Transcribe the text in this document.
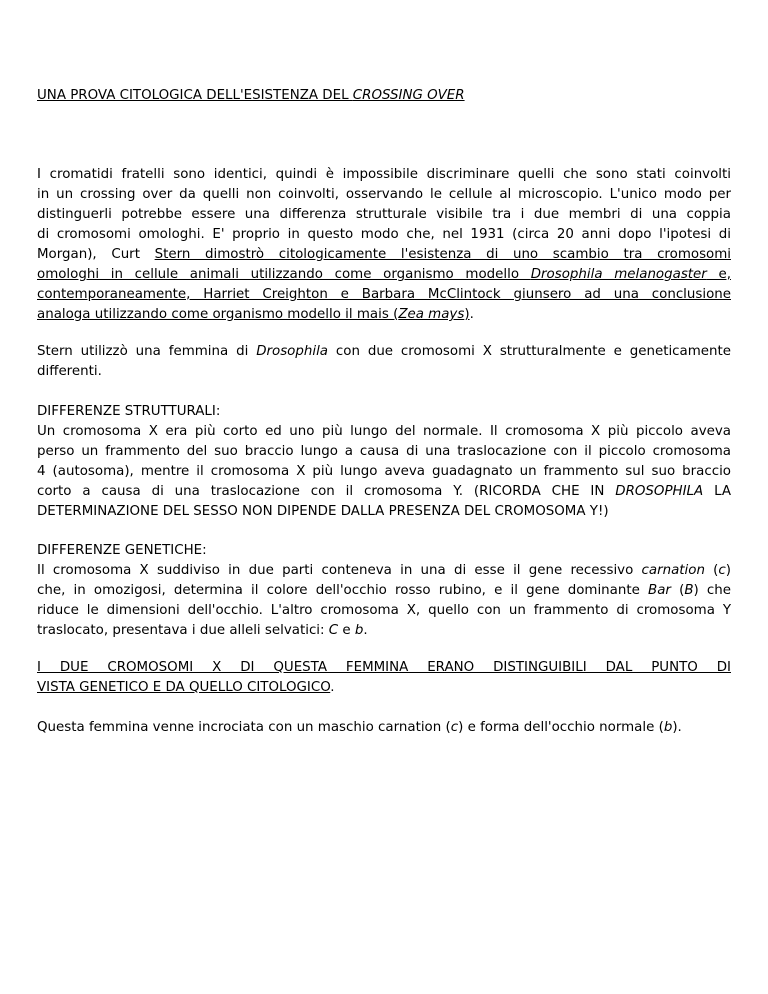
UNA PROVA CITOLOGICA DELL'ESISTENZA DEL CROSSING OVER
I cromatidi fratelli sono identici, quindi è impossibile discriminare quelli che sono stati coinvolti
in un crossing over da quelli non coinvolti, osservando le cellule al microscopio. L'unico modo per
distinguerli potrebbe essere una differenza strutturale visibile tra i due membri di una coppia
di cromosomi omologhi. E' proprio in questo modo che, nel 1931 (circa 20 anni dopo l'ipotesi di
Morgan), Curt Stern dimostrò citologicamente l'esistenza di uno scambio tra cromosomi
omologhi in cellule animali utilizzando come organismo modello Drosophila melanogaster e,
contemporaneamente, Harriet Creighton e Barbara McClintock giunsero ad una conclusione
analoga utilizzando come organismo modello il mais (Zea mays).
Stern utilizzò una femmina di Drosophila con due cromosomi X strutturalmente e geneticamente
differenti.
DIFFERENZE STRUTTURALI:
Un cromosoma X era più corto ed uno più lungo del normale. Il cromosoma X più piccolo aveva
perso un frammento del suo braccio lungo a causa di una traslocazione con il piccolo cromosoma
4 (autosoma), mentre il cromosoma X più lungo aveva guadagnato un frammento sul suo braccio
corto a causa di una traslocazione con il cromosoma Y. (RICORDA CHE IN DROSOPHILA LA
DETERMINAZIONE DEL SESSO NON DIPENDE DALLA PRESENZA DEL CROMOSOMA Y!)
DIFFERENZE GENETICHE:
Il cromosoma X suddiviso in due parti conteneva in una di esse il gene recessivo carnation (c)
che, in omozigosi, determina il colore dell'occhio rosso rubino, e il gene dominante Bar (B) che
riduce le dimensioni dell'occhio. L'altro cromosoma X, quello con un frammento di cromosoma Y
traslocato, presentava i due alleli selvatici: C e b.
I DUE CROMOSOMI X DI QUESTA FEMMINA ERANO DISTINGUIBILI DAL PUNTO DI
VISTA GENETICO E DA QUELLO CITOLOGICO.
Questa femmina venne incrociata con un maschio carnation (c) e forma dell'occhio normale (b).
